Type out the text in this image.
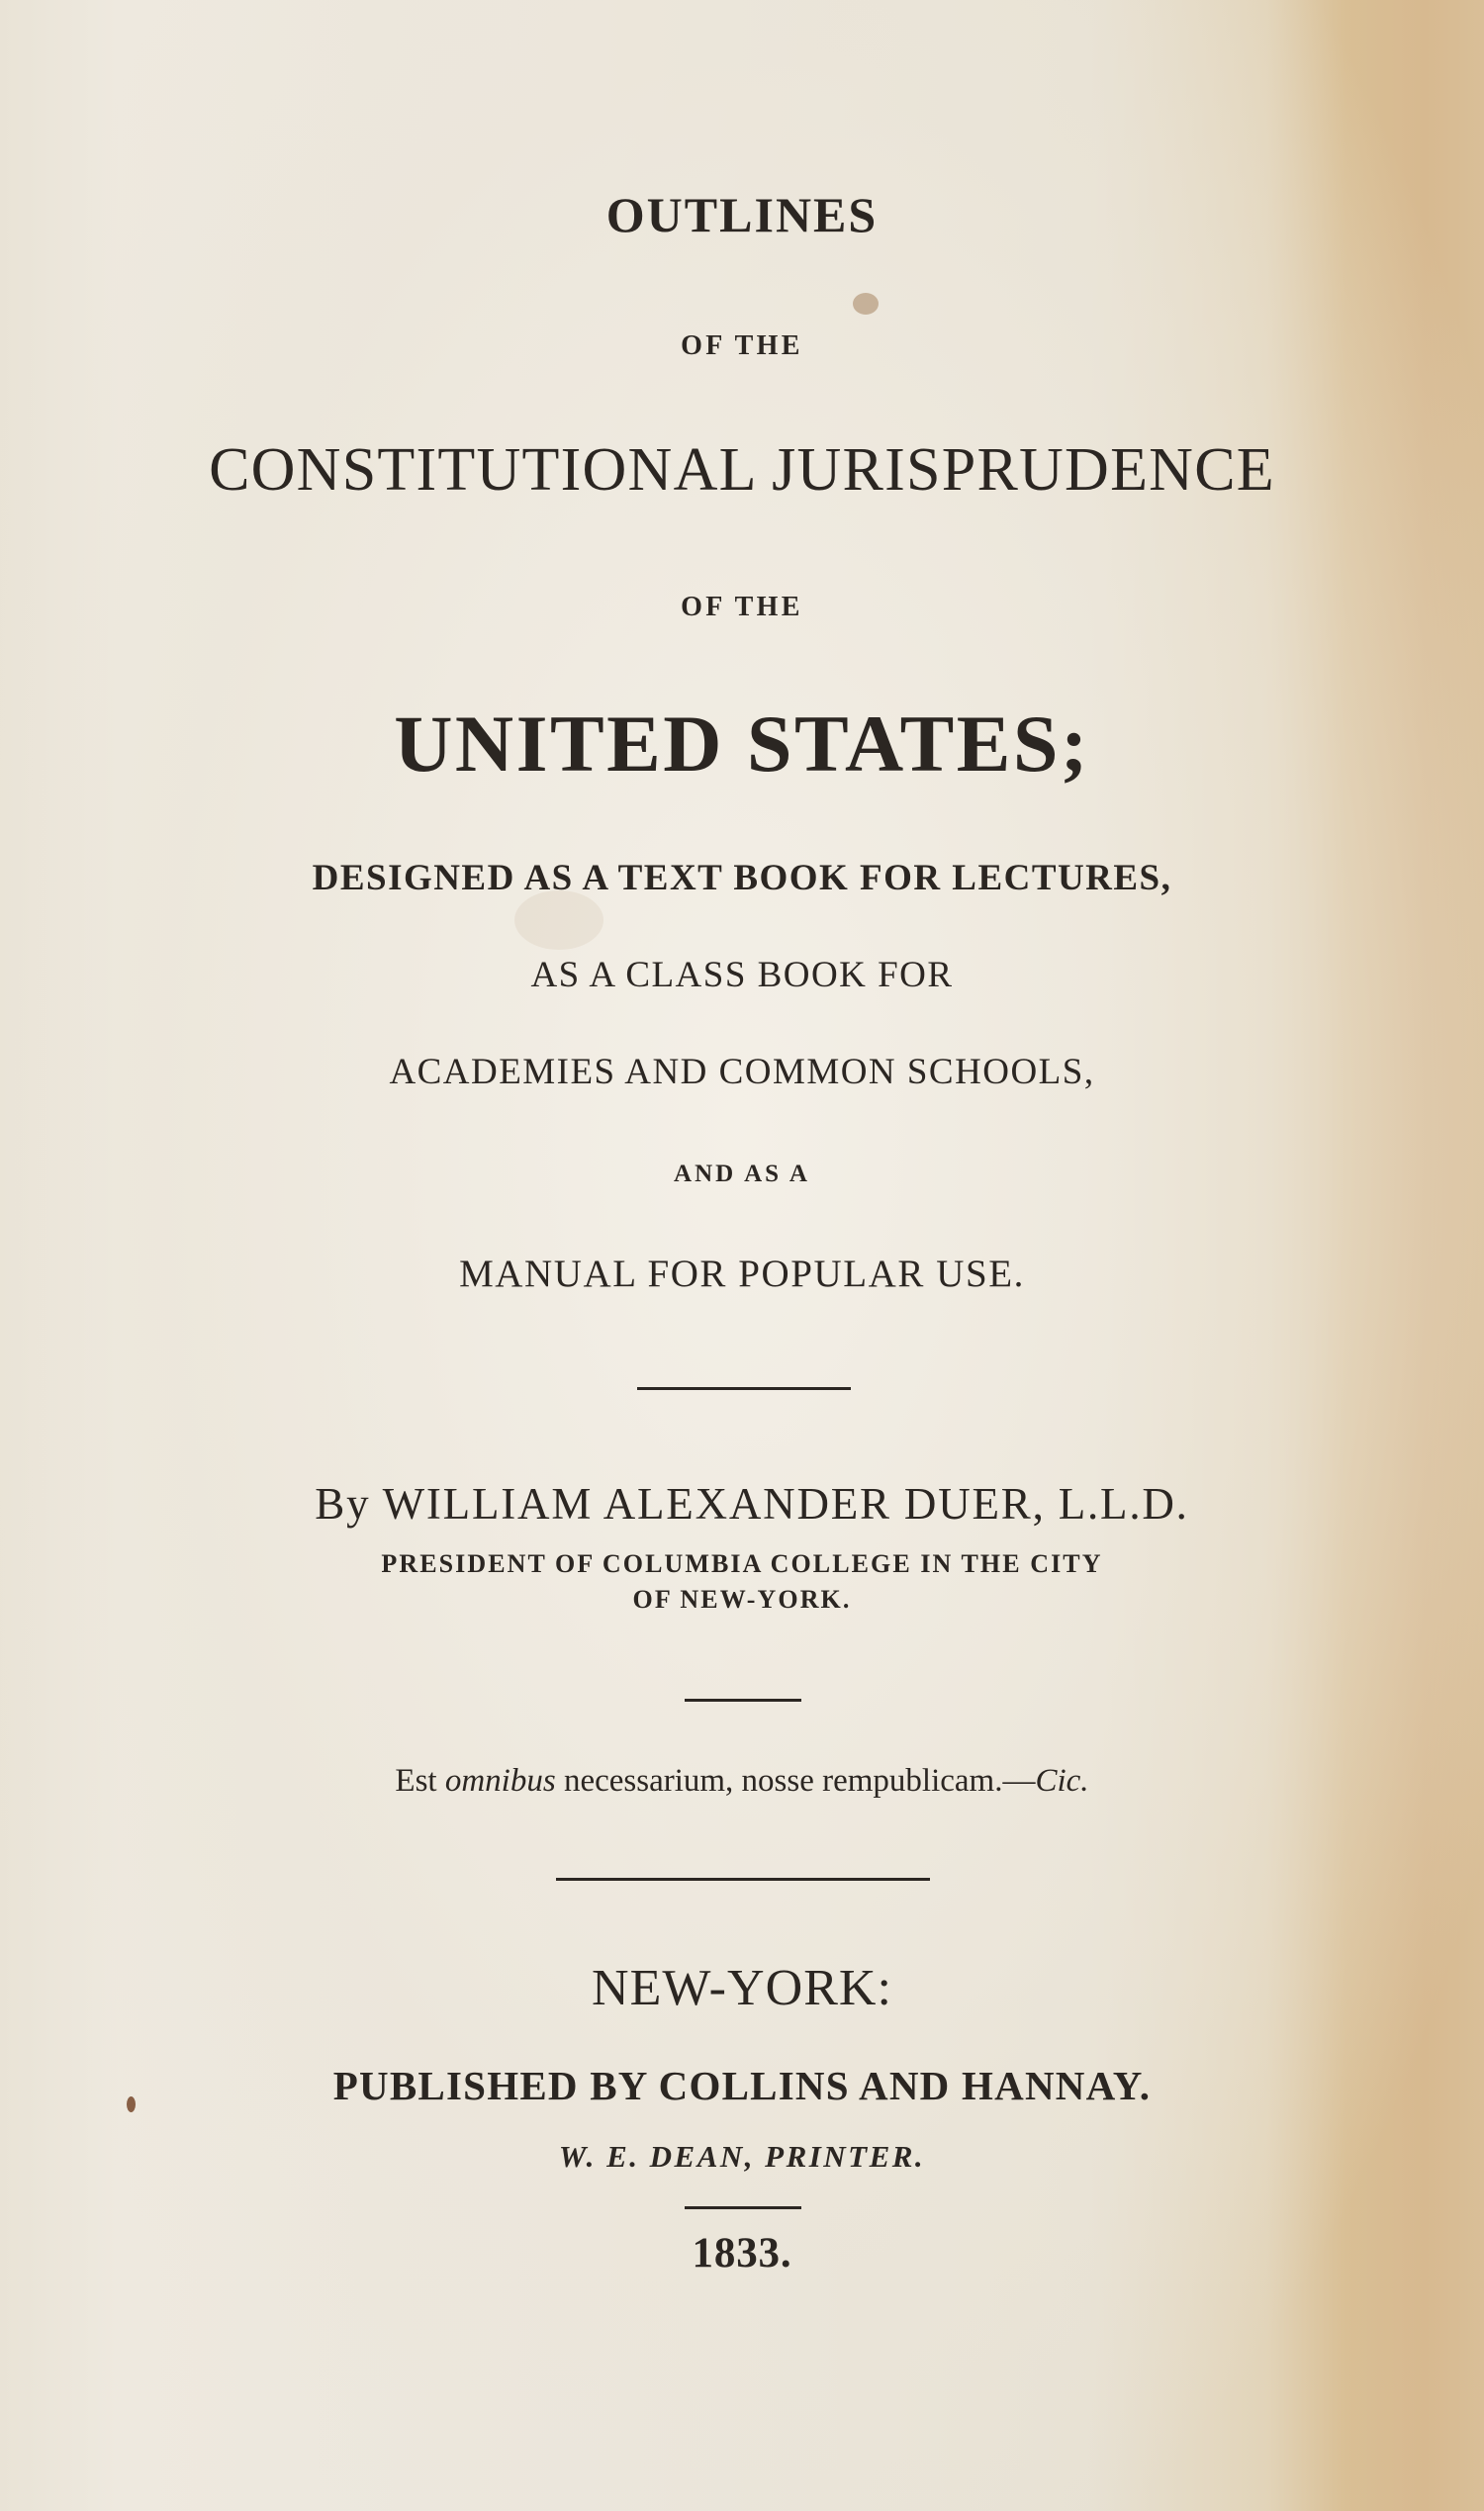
OUTLINES
OF THE
CONSTITUTIONAL JURISPRUDENCE
OF THE
UNITED STATES;
DESIGNED AS A TEXT BOOK FOR LECTURES,
AS A CLASS BOOK FOR
ACADEMIES AND COMMON SCHOOLS,
AND AS A
MANUAL FOR POPULAR USE.
By WILLIAM ALEXANDER DUER, L.L.D.
PRESIDENT OF COLUMBIA COLLEGE IN THE CITY
OF NEW-YORK.
Est omnibus necessarium, nosse rempublicam.—Cic.
NEW-YORK:
PUBLISHED BY COLLINS AND HANNAY.
W. E. DEAN, PRINTER.
1833.
